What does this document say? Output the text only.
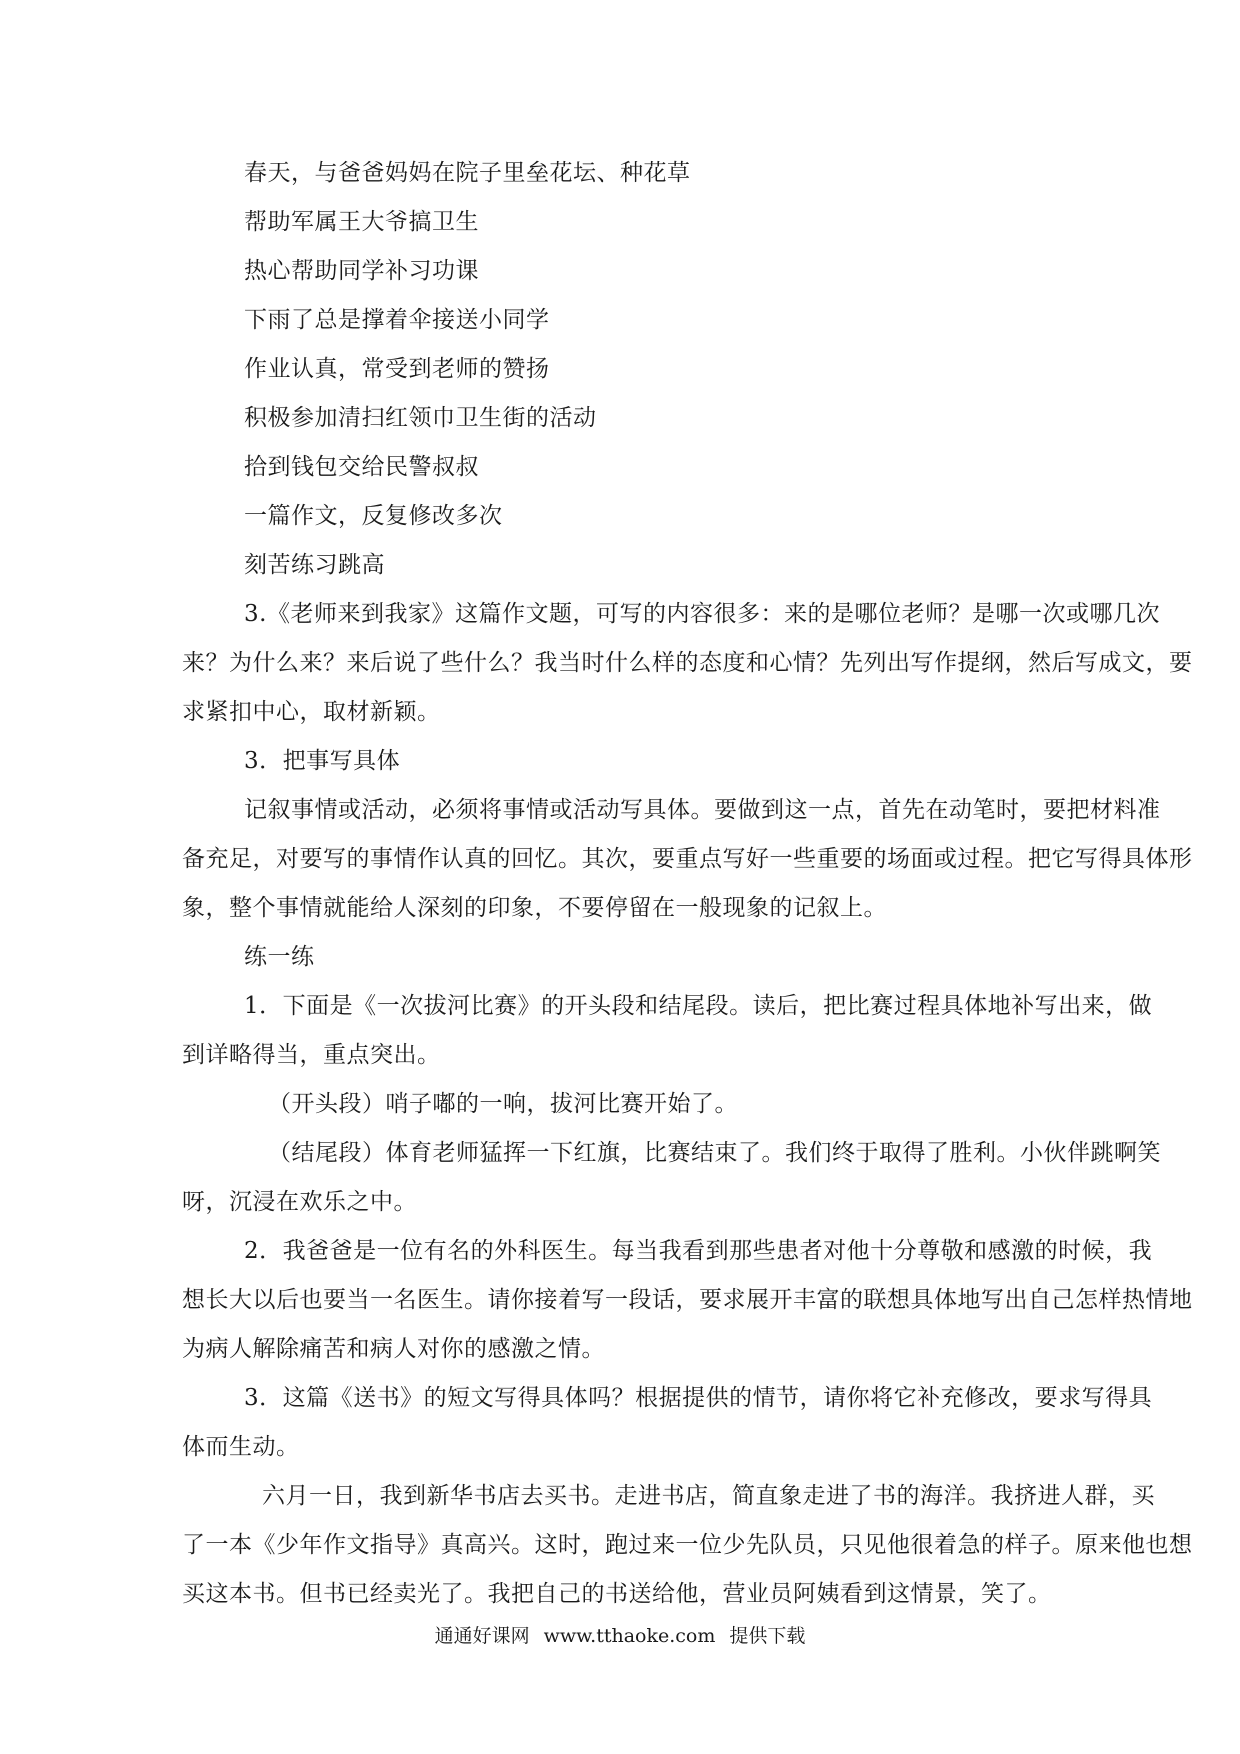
春天，与爸爸妈妈在院子里垒花坛、种花草
帮助军属王大爷搞卫生
热心帮助同学补习功课
下雨了总是撑着伞接送小同学
作业认真，常受到老师的赞扬
积极参加清扫红领巾卫生街的活动
拾到钱包交给民警叔叔
一篇作文，反复修改多次
刻苦练习跳高
3.《老师来到我家》这篇作文题，可写的内容很多：来的是哪位老师？是哪一次或哪几次
来？为什么来？来后说了些什么？我当时什么样的态度和心情？先列出写作提纲，然后写成文，要
求紧扣中心，取材新颖。
3．把事写具体
记叙事情或活动，必须将事情或活动写具体。要做到这一点，首先在动笔时，要把材料准
备充足，对要写的事情作认真的回忆。其次，要重点写好一些重要的场面或过程。把它写得具体形
象，整个事情就能给人深刻的印象，不要停留在一般现象的记叙上。
练一练
1．下面是《一次拔河比赛》的开头段和结尾段。读后，把比赛过程具体地补写出来，做
到详略得当，重点突出。
（开头段）哨子嘟的一响，拔河比赛开始了。
（结尾段）体育老师猛挥一下红旗，比赛结束了。我们终于取得了胜利。小伙伴跳啊笑
呀，沉浸在欢乐之中。
2．我爸爸是一位有名的外科医生。每当我看到那些患者对他十分尊敬和感激的时候，我
想长大以后也要当一名医生。请你接着写一段话，要求展开丰富的联想具体地写出自己怎样热情地
为病人解除痛苦和病人对你的感激之情。
3．这篇《送书》的短文写得具体吗？根据提供的情节，请你将它补充修改，要求写得具
体而生动。
六月一日，我到新华书店去买书。走进书店，简直象走进了书的海洋。我挤进人群，买
了一本《少年作文指导》真高兴。这时，跑过来一位少先队员，只见他很着急的样子。原来他也想
买这本书。但书已经卖光了。我把自己的书送给他，营业员阿姨看到这情景，笑了。
通通好课网 www.tthaoke.com 提供下载
